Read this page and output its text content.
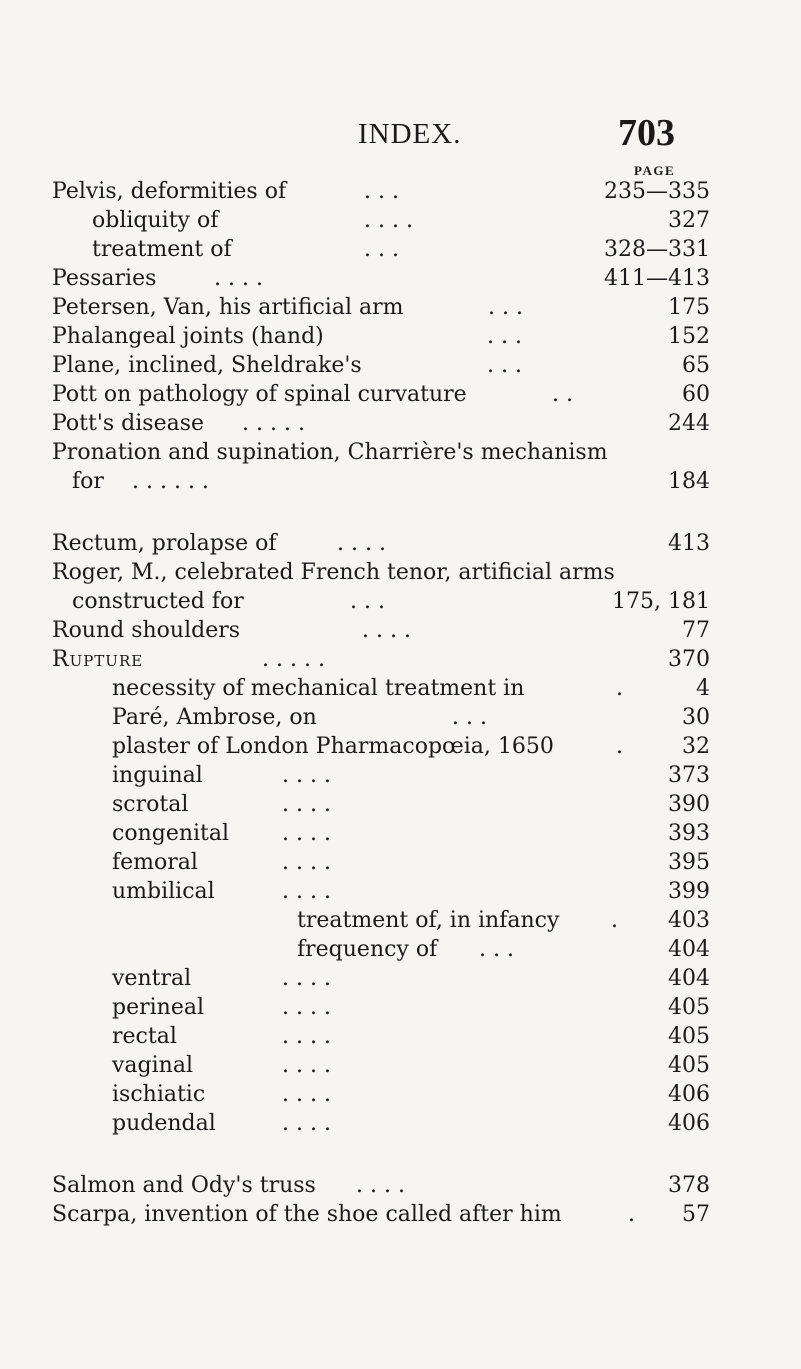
INDEX.	703
PAGE
Pelvis, deformities of	. . .	235—335
obliquity of	. . . .	327
treatment of	. . .	328—331
Pessaries	. . . .	411—413
Petersen, Van, his artificial arm	. . .	175
Phalangeal joints (hand)	. . .	152
Plane, inclined, Sheldrake's	. . .	65
Pott on pathology of spinal curvature	. .	60
Pott's disease . . . . .	244
Pronation and supination, Charrière's mechanism
for . . . . . .	184
Rectum, prolapse of	. . . .	413
Roger, M., celebrated French tenor, artificial arms
constructed for	. . .	175, 181
Round shoulders	. . . .	77
Rupture	. . . . .	370
necessity of mechanical treatment in	.	4
Paré, Ambrose, on	. . .	30
plaster of London Pharmacopœia, 1650	.	32
inguinal	. . . .	373
scrotal	. . . .	390
congenital . . . .	393
femoral	. . . .	395
umbilical	. . . .	399
treatment of, in infancy . 403
frequency of . . .	404
ventral	. . . .	404
perineal	. . . .	405
rectal	. . . .	405
vaginal	. . . .	405
ischiatic	. . . .	406
pudendal	. . . .	406
Salmon and Ody's truss . . . .	378
Scarpa, invention of the shoe called after him	. 57
